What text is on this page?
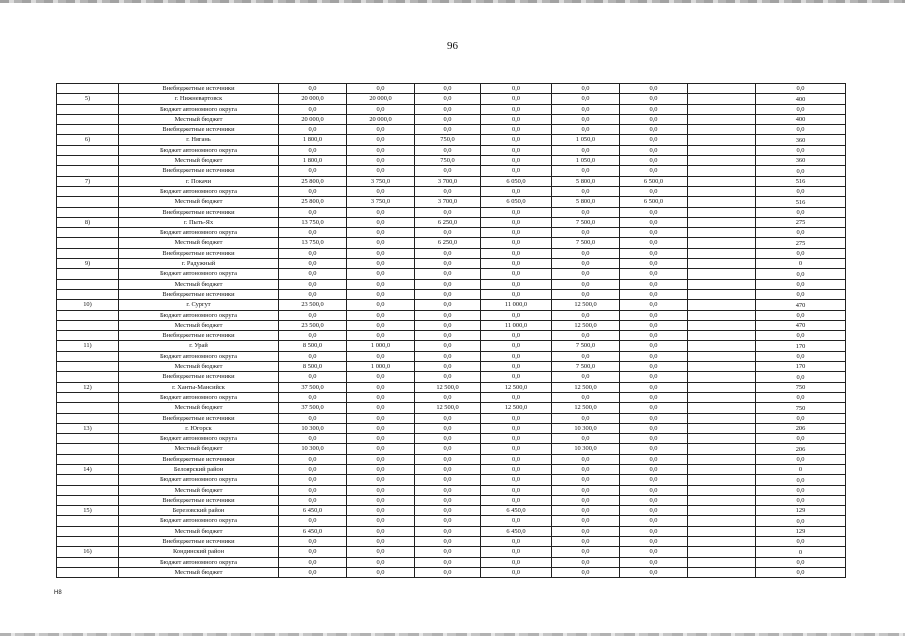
96
	Внебюджетные источники	0,0	0,0	0,0	0,0	0,0	0,0		0,0
5)	г. Нижневартовск	20 000,0	20 000,0	0,0	0,0	0,0	0,0		400
	Бюджет автономного округа	0,0	0,0	0,0	0,0	0,0	0,0		0,0
	Местный бюджет	20 000,0	20 000,0	0,0	0,0	0,0	0,0		400
	Внебюджетные источники	0,0	0,0	0,0	0,0	0,0	0,0		0,0
6)	г. Нягань	1 800,0	0,0	750,0	0,0	1 050,0	0,0		360
	Бюджет автономного округа	0,0	0,0	0,0	0,0	0,0	0,0		0,0
	Местный бюджет	1 800,0	0,0	750,0	0,0	1 050,0	0,0		360
	Внебюджетные источники	0,0	0,0	0,0	0,0	0,0	0,0		0,0
7)	г. Покачи	25 800,0	3 750,0	3 700,0	6 050,0	5 800,0	6 500,0		516
	Бюджет автономного округа	0,0	0,0	0,0	0,0	0,0	0,0		0,0
	Местный бюджет	25 800,0	3 750,0	3 700,0	6 050,0	5 800,0	6 500,0		516
	Внебюджетные источники	0,0	0,0	0,0	0,0	0,0	0,0		0,0
8)	г. Пыть-Ях	13 750,0	0,0	6 250,0	0,0	7 500,0	0,0		275
	Бюджет автономного округа	0,0	0,0	0,0	0,0	0,0	0,0		0,0
	Местный бюджет	13 750,0	0,0	6 250,0	0,0	7 500,0	0,0		275
	Внебюджетные источники	0,0	0,0	0,0	0,0	0,0	0,0		0,0
9)	г. Радужный	0,0	0,0	0,0	0,0	0,0	0,0		0
	Бюджет автономного округа	0,0	0,0	0,0	0,0	0,0	0,0		0,0
	Местный бюджет	0,0	0,0	0,0	0,0	0,0	0,0		0,0
	Внебюджетные источники	0,0	0,0	0,0	0,0	0,0	0,0		0,0
10)	г. Сургут	23 500,0	0,0	0,0	11 000,0	12 500,0	0,0		470
	Бюджет автономного округа	0,0	0,0	0,0	0,0	0,0	0,0		0,0
	Местный бюджет	23 500,0	0,0	0,0	11 000,0	12 500,0	0,0		470
	Внебюджетные источники	0,0	0,0	0,0	0,0	0,0	0,0		0,0
11)	г. Урай	8 500,0	1 000,0	0,0	0,0	7 500,0	0,0		170
	Бюджет автономного округа	0,0	0,0	0,0	0,0	0,0	0,0		0,0
	Местный бюджет	8 500,0	1 000,0	0,0	0,0	7 500,0	0,0		170
	Внебюджетные источники	0,0	0,0	0,0	0,0	0,0	0,0		0,0
12)	г. Ханты-Мансийск	37 500,0	0,0	12 500,0	12 500,0	12 500,0	0,0		750
	Бюджет автономного округа	0,0	0,0	0,0	0,0	0,0	0,0		0,0
	Местный бюджет	37 500,0	0,0	12 500,0	12 500,0	12 500,0	0,0		750
	Внебюджетные источники	0,0	0,0	0,0	0,0	0,0	0,0		0,0
13)	г. Югорск	10 300,0	0,0	0,0	0,0	10 300,0	0,0		206
	Бюджет автономного округа	0,0	0,0	0,0	0,0	0,0	0,0		0,0
	Местный бюджет	10 300,0	0,0	0,0	0,0	10 300,0	0,0		206
	Внебюджетные источники	0,0	0,0	0,0	0,0	0,0	0,0		0,0
14)	Белоярский район	0,0	0,0	0,0	0,0	0,0	0,0		0
	Бюджет автономного округа	0,0	0,0	0,0	0,0	0,0	0,0		0,0
	Местный бюджет	0,0	0,0	0,0	0,0	0,0	0,0		0,0
	Внебюджетные источники	0,0	0,0	0,0	0,0	0,0	0,0		0,0
15)	Березовский район	6 450,0	0,0	0,0	6 450,0	0,0	0,0		129
	Бюджет автономного округа	0,0	0,0	0,0	0,0	0,0	0,0		0,0
	Местный бюджет	6 450,0	0,0	0,0	6 450,0	0,0	0,0		129
	Внебюджетные источники	0,0	0,0	0,0	0,0	0,0	0,0		0,0
16)	Кондинский район	0,0	0,0	0,0	0,0	0,0	0,0		0
	Бюджет автономного округа	0,0	0,0	0,0	0,0	0,0	0,0		0,0
	Местный бюджет	0,0	0,0	0,0	0,0	0,0	0,0		0,0
H8
